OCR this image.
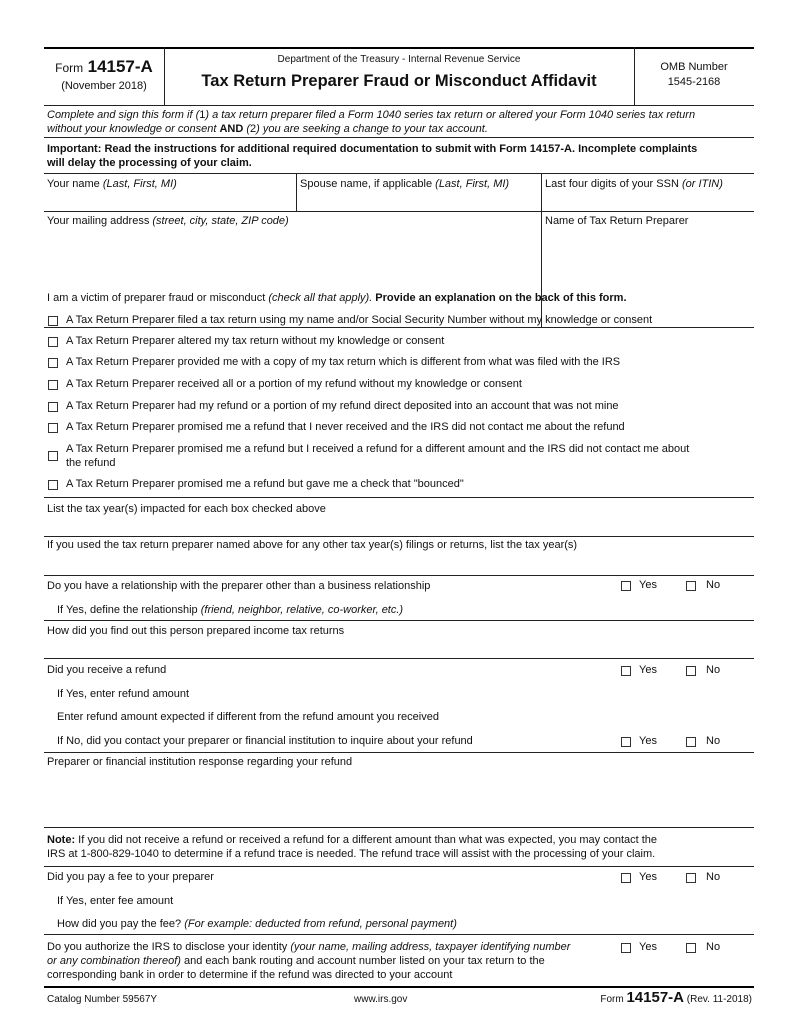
Form 14157-A
(November 2018)
Department of the Treasury - Internal Revenue Service
Tax Return Preparer Fraud or Misconduct Affidavit
OMB Number
1545-2168
Complete and sign this form if (1) a tax return preparer filed a Form 1040 series tax return or altered your Form 1040 series tax return
without your knowledge or consent AND (2) you are seeking a change to your tax account.
Important: Read the instructions for additional required documentation to submit with Form 14157-A. Incomplete complaints
will delay the processing of your claim.
Your name (Last, First, MI)	Spouse name, if applicable (Last, First, MI)	Last four digits of your SSN (or ITIN)
Your mailing address (street, city, state, ZIP code)	Name of Tax Return Preparer
I am a victim of preparer fraud or misconduct (check all that apply). Provide an explanation on the back of this form.
A Tax Return Preparer filed a tax return using my name and/or Social Security Number without my knowledge or consent
A Tax Return Preparer altered my tax return without my knowledge or consent
A Tax Return Preparer provided me with a copy of my tax return which is different from what was filed with the IRS
A Tax Return Preparer received all or a portion of my refund without my knowledge or consent
A Tax Return Preparer had my refund or a portion of my refund direct deposited into an account that was not mine
A Tax Return Preparer promised me a refund that I never received and the IRS did not contact me about the refund
A Tax Return Preparer promised me a refund but I received a refund for a different amount and the IRS did not contact me about
the refund
A Tax Return Preparer promised me a refund but gave me a check that "bounced"
List the tax year(s) impacted for each box checked above
If you used the tax return preparer named above for any other tax year(s) filings or returns, list the tax year(s)
Do you have a relationship with the preparer other than a business relationship	Yes	No
If Yes, define the relationship (friend, neighbor, relative, co-worker, etc.)
How did you find out this person prepared income tax returns
Did you receive a refund	Yes	No
If Yes, enter refund amount
Enter refund amount expected if different from the refund amount you received
If No, did you contact your preparer or financial institution to inquire about your refund	Yes	No
Preparer or financial institution response regarding your refund
Note: If you did not receive a refund or received a refund for a different amount than what was expected, you may contact the
IRS at 1-800-829-1040 to determine if a refund trace is needed. The refund trace will assist with the processing of your claim.
Did you pay a fee to your preparer	Yes	No
If Yes, enter fee amount
How did you pay the fee? (For example: deducted from refund, personal payment)
Do you authorize the IRS to disclose your identity (your name, mailing address, taxpayer identifying number
or any combination thereof) and each bank routing and account number listed on your tax return to the
corresponding bank in order to determine if the refund was directed to your account
Yes	No
Catalog Number 59567Y	www.irs.gov	Form 14157-A (Rev. 11-2018)
